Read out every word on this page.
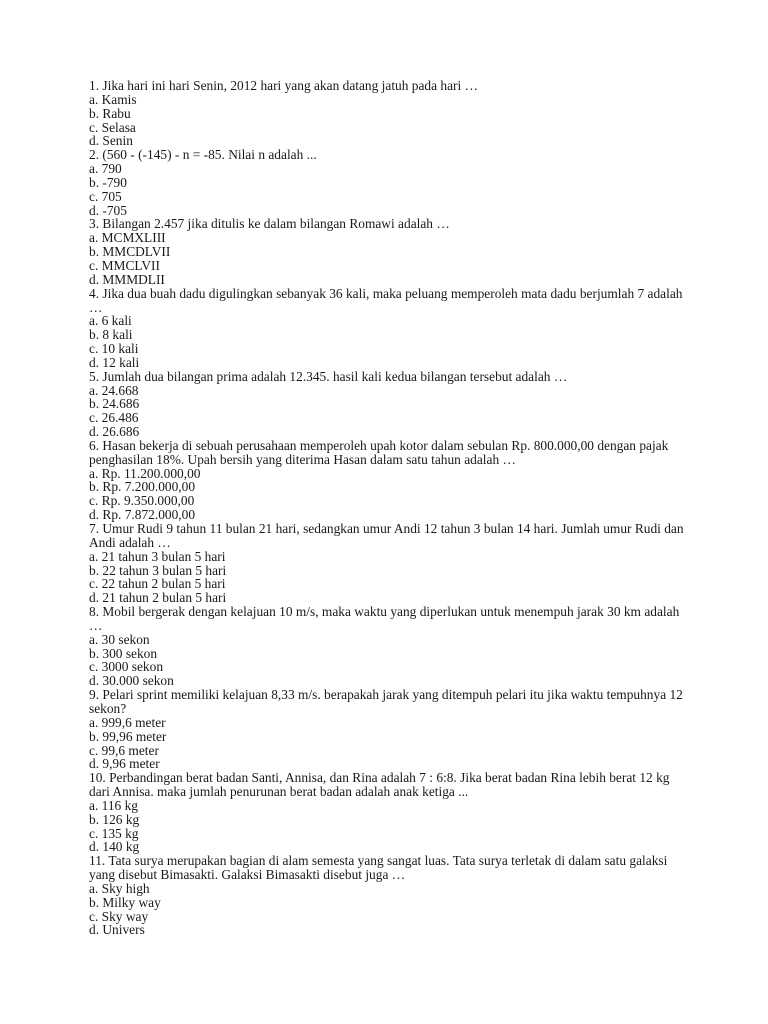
1. Jika hari ini hari Senin, 2012 hari yang akan datang jatuh pada hari …
a. Kamis
b. Rabu
c. Selasa
d. Senin
2. (560 - (-145) - n = -85. Nilai n adalah ...
a. 790
b. -790
c. 705
d. -705
3. Bilangan 2.457 jika ditulis ke dalam bilangan Romawi adalah …
a. MCMXLIII
b. MMCDLVII
c. MMCLVII
d. MMMDLII
4. Jika dua buah dadu digulingkan sebanyak 36 kali, maka peluang memperoleh mata dadu berjumlah 7 adalah …
a. 6 kali
b. 8 kali
c. 10 kali
d. 12 kali
5. Jumlah dua bilangan prima adalah 12.345. hasil kali kedua bilangan tersebut adalah …
a. 24.668
b. 24.686
c. 26.486
d. 26.686
6. Hasan bekerja di sebuah perusahaan memperoleh upah kotor dalam sebulan Rp. 800.000,00 dengan pajak penghasilan 18%. Upah bersih yang diterima Hasan dalam satu tahun adalah …
a. Rp. 11.200.000,00
b. Rp. 7.200.000,00
c. Rp. 9.350.000,00
d. Rp. 7.872.000,00
7. Umur Rudi 9 tahun 11 bulan 21 hari, sedangkan umur Andi 12 tahun 3 bulan 14 hari. Jumlah umur Rudi dan Andi adalah …
a. 21 tahun 3 bulan 5 hari
b. 22 tahun 3 bulan 5 hari
c. 22 tahun 2 bulan 5 hari
d. 21 tahun 2 bulan 5 hari
8. Mobil bergerak dengan kelajuan 10 m/s, maka waktu yang diperlukan untuk menempuh jarak 30 km adalah …
a. 30 sekon
b. 300 sekon
c. 3000 sekon
d. 30.000 sekon
9. Pelari sprint memiliki kelajuan 8,33 m/s. berapakah jarak yang ditempuh pelari itu jika waktu tempuhnya 12 sekon?
a. 999,6 meter
b. 99,96 meter
c. 99,6 meter
d. 9,96 meter
10. Perbandingan berat badan Santi, Annisa, dan Rina adalah 7 : 6:8. Jika berat badan Rina lebih berat 12 kg dari Annisa. maka jumlah penurunan berat badan adalah anak ketiga ...
a. 116 kg
b. 126 kg
c. 135 kg
d. 140 kg
11. Tata surya merupakan bagian di alam semesta yang sangat luas. Tata surya terletak di dalam satu galaksi yang disebut Bimasakti. Galaksi Bimasakti disebut juga …
a. Sky high
b. Milky way
c. Sky way
d. Univers
